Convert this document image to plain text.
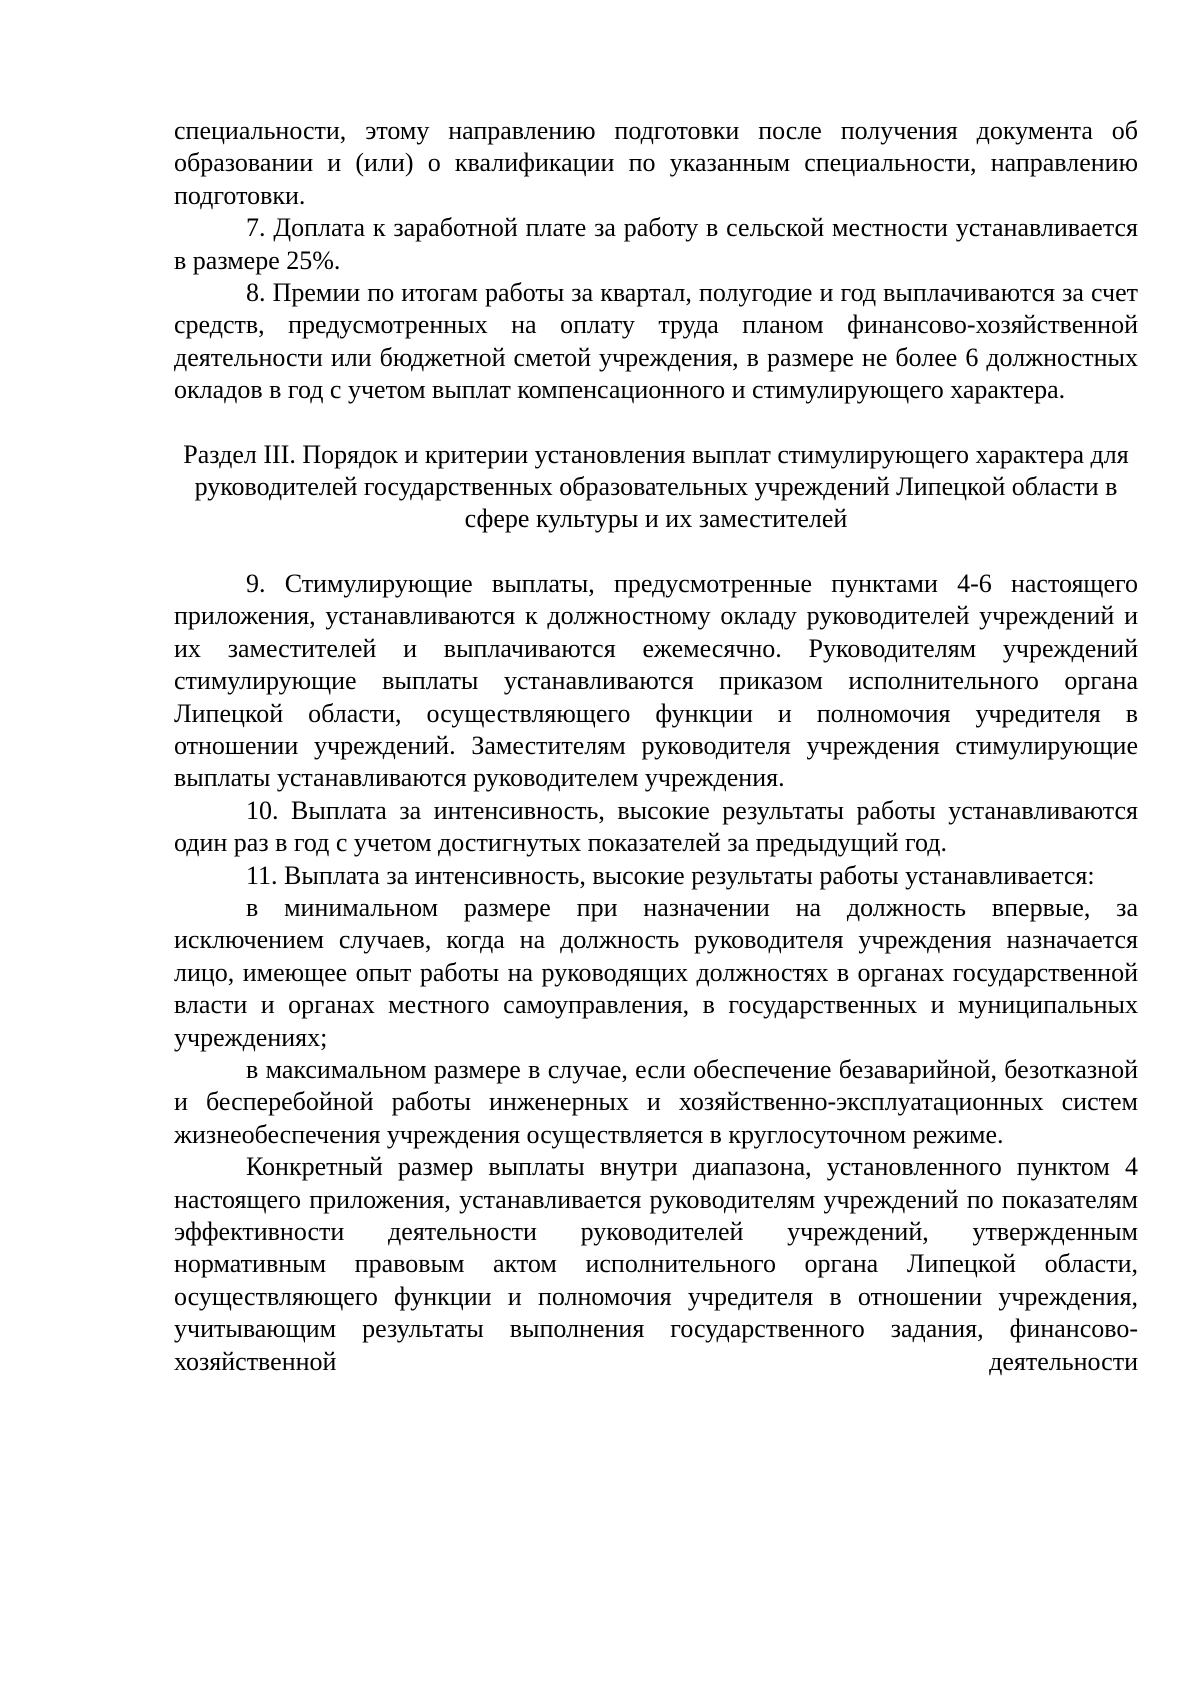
специальности, этому направлению подготовки после получения документа об образовании и (или) о квалификации по указанным специальности, направлению подготовки.

7. Доплата к заработной плате за работу в сельской местности устанавливается в размере 25%.

8. Премии по итогам работы за квартал, полугодие и год выплачиваются за счет средств, предусмотренных на оплату труда планом финансово-хозяйственной деятельности или бюджетной сметой учреждения, в размере не более 6 должностных окладов в год с учетом выплат компенсационного и стимулирующего характера.

Раздел III. Порядок и критерии установления выплат стимулирующего характера для руководителей государственных образовательных учреждений Липецкой области в сфере культуры и их заместителей

9. Стимулирующие выплаты, предусмотренные пунктами 4-6 настоящего приложения, устанавливаются к должностному окладу руководителей учреждений и их заместителей и выплачиваются ежемесячно. Руководителям учреждений стимулирующие выплаты устанавливаются приказом исполнительного органа Липецкой области, осуществляющего функции и полномочия учредителя в отношении учреждений. Заместителям руководителя учреждения стимулирующие выплаты устанавливаются руководителем учреждения.

10. Выплата за интенсивность, высокие результаты работы устанавливаются один раз в год с учетом достигнутых показателей за предыдущий год.

11. Выплата за интенсивность, высокие результаты работы устанавливается:

в минимальном размере при назначении на должность впервые, за исключением случаев, когда на должность руководителя учреждения назначается лицо, имеющее опыт работы на руководящих должностях в органах государственной власти и органах местного самоуправления, в государственных и муниципальных учреждениях;

в максимальном размере в случае, если обеспечение безаварийной, безотказной и бесперебойной работы инженерных и хозяйственно-эксплуатационных систем жизнеобеспечения учреждения осуществляется в круглосуточном режиме.

Конкретный размер выплаты внутри диапазона, установленного пунктом 4 настоящего приложения, устанавливается руководителям учреждений по показателям эффективности деятельности руководителей учреждений, утвержденным нормативным правовым актом исполнительного органа Липецкой области, осуществляющего функции и полномочия учредителя в отношении учреждения, учитывающим результаты выполнения государственного задания, финансово-хозяйственной деятельности
